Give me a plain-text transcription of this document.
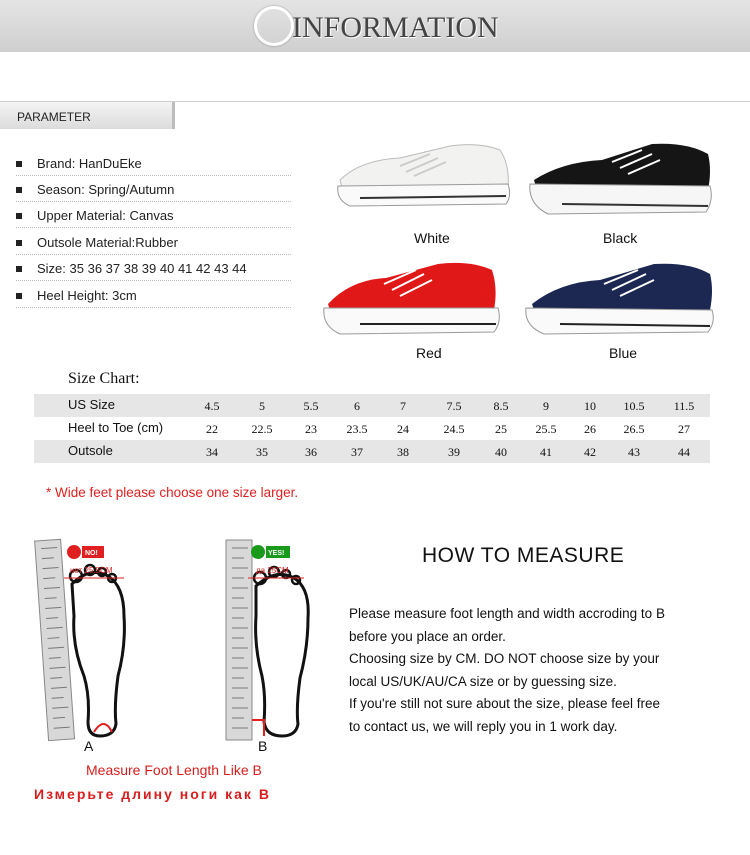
INFORMATION
PARAMETER
Brand: HanDuEke
Season: Spring/Autumn
Upper Material: Canvas
Outsole Material:Rubber
Size: 35 36 37 38 39 40 41 42 43 44
Heel Height: 3cm
White	Black
Red	Blue
Size Chart:
US Size	4.5	5	5.5	6	7	7.5	8.5	9	10	10.5	11.5
Heel to Toe (cm)	22	22.5	23	23.5	24	24.5	25	25.5	26	26.5	27
Outsole	34	35	36	37	38	39	40	41	42	43	44
* Wide feet please choose one size larger.
NO!
нет 25.5CM
A
YES!
да 25CM
B
Measure Foot Length Like B
Измерьте длину ноги как B
HOW TO MEASURE
Please measure foot length and width accroding to B
before you place an order.
Choosing size by CM. DO NOT choose size by your
local US/UK/AU/CA size or by guessing size.
If you're still not sure about the size, please feel free
to contact us, we will reply you in 1 work day.
